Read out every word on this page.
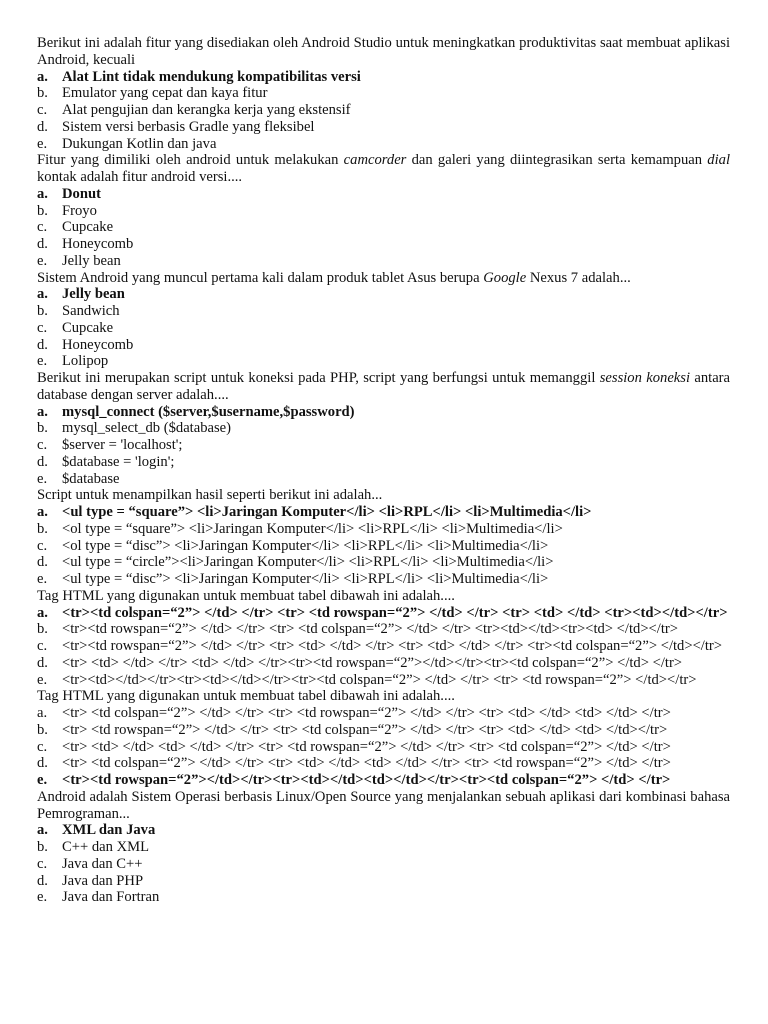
Berikut ini adalah fitur yang disediakan oleh Android Studio untuk meningkatkan produktivitas saat membuat aplikasi Android, kecuali

a. Alat Lint tidak mendukung kompatibilitas versi
b. Emulator yang cepat dan kaya fitur
c.	Alat pengujian dan kerangka kerja yang ekstensif
d. Sistem versi berbasis Gradle yang fleksibel
e.	Dukungan Kotlin dan java

Fitur yang dimiliki oleh android untuk melakukan camcorder dan galeri yang diintegrasikan serta kemampuan dial kontak adalah fitur android versi....

a. Donut
b. Froyo
c.	Cupcake
d. Honeycomb
e.	Jelly bean

Sistem Android yang muncul pertama kali dalam produk tablet Asus berupa Google Nexus 7 adalah...

a. Jelly bean
b. Sandwich
c.	Cupcake
d. Honeycomb
e.	Lolipop

Berikut ini merupakan script untuk koneksi pada PHP, script yang berfungsi untuk memanggil session koneksi antara database dengan server adalah....

a. mysql_connect ($server,$username,$password)
b. mysql_select_db ($database)
c.	$server = 'localhost';
d. $database = 'login';
e.	$database

Script untuk menampilkan hasil seperti berikut ini adalah...

a. <ul type = “square”> <li>Jaringan Komputer</li> <li>RPL</li> <li>Multimedia</li>
b. <ol type = “square”> <li>Jaringan Komputer</li> <li>RPL</li> <li>Multimedia</li>
c.	<ol type = “disc”> <li>Jaringan Komputer</li> <li>RPL</li> <li>Multimedia</li>
d. <ul type = “circle”><li>Jaringan Komputer</li> <li>RPL</li> <li>Multimedia</li>
e.	<ul type = “disc”> <li>Jaringan Komputer</li> <li>RPL</li> <li>Multimedia</li>

Tag HTML yang digunakan untuk membuat tabel dibawah ini adalah....

a. <tr><td colspan=“2”> </td> </tr> <tr> <td rowspan=“2”> </td> </tr> <tr> <td> </td> <tr><td></td></tr>
b. <tr><td rowspan=“2”> </td> </tr> <tr> <td colspan=“2”> </td> </tr> <tr><td></td><tr><td> </td></tr>
c.	<tr><td rowspan=“2”> </td> </tr> <tr> <td> </td> </tr> <tr> <td> </td> </tr> <tr><td colspan=“2”> </td></tr>
d. <tr> <td> </td> </tr> <td> </td> </tr><tr><td rowspan=“2”></td></tr><tr><td colspan=“2”> </td> </tr>
e.	<tr><td></td></tr><tr><td></td></tr><tr><td colspan=“2”> </td> </tr> <tr> <td rowspan=“2”> </td></tr>

Tag HTML yang digunakan untuk membuat tabel dibawah ini adalah....

a.	<tr> <td colspan=“2”> </td> </tr> <tr> <td rowspan=“2”> </td> </tr> <tr> <td> </td> <td> </td> </tr>
b. <tr> <td rowspan=“2”> </td> </tr> <tr> <td colspan=“2”> </td> </tr> <tr> <td> </td> <td> </td></tr>
c.	<tr> <td> </td> <td> </td> </tr> <tr> <td rowspan=“2”> </td> </tr> <tr> <td colspan=“2”> </td> </tr>
d. <tr> <td colspan=“2”> </td> </tr> <tr> <td> </td> <td> </td> </tr> <tr> <td rowspan=“2”> </td> </tr>
e.	<tr><td rowspan=“2”></td></tr><tr><td></td><td></td></tr><tr><td colspan=“2”> </td> </tr>

Android adalah Sistem Operasi berbasis Linux/Open Source yang menjalankan sebuah aplikasi dari kombinasi bahasa Pemrograman...

a. XML dan Java
b. C++ dan XML
c.	Java dan C++
d. Java dan PHP
e.	Java dan Fortran
